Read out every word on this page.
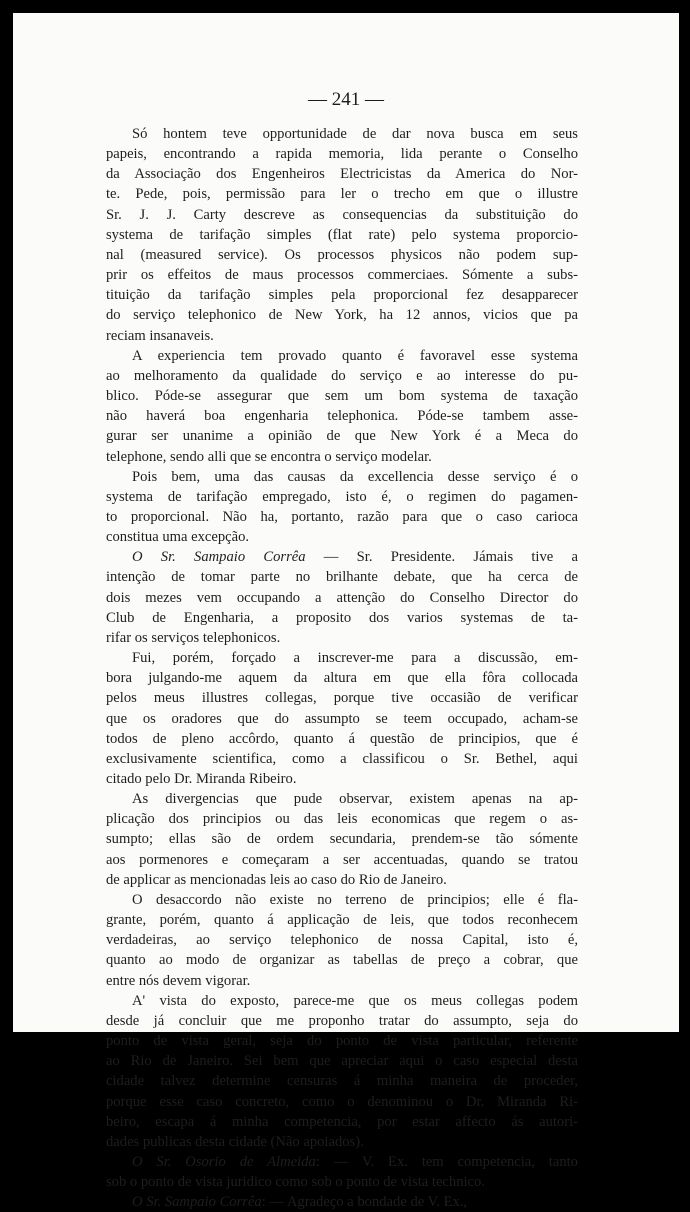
— 241 —
Só hontem teve opportunidade de dar nova busca em seus
papeis, encontrando a rapida memoria, lida perante o Conselho
da Associação dos Engenheiros Electricistas da America do Nor-
te. Pede, pois, permissão para ler o trecho em que o illustre
Sr. J. J. Carty descreve as consequencias da substituição do
systema de tarifação simples (flat rate) pelo systema proporcio-
nal (measured service). Os processos physicos não podem sup-
prir os effeitos de maus processos commerciaes. Sómente a subs-
tituição da tarifação simples pela proporcional fez desapparecer
do serviço telephonico de New York, ha 12 annos, vicios que pa
reciam insanaveis.
A experiencia tem provado quanto é favoravel esse systema
ao melhoramento da qualidade do serviço e ao interesse do pu-
blico. Póde-se assegurar que sem um bom systema de taxação
não haverá boa engenharia telephonica. Póde-se tambem asse-
gurar ser unanime a opinião de que New York é a Meca do
telephone, sendo alli que se encontra o serviço modelar.
Pois bem, uma das causas da excellencia desse serviço é o
systema de tarifação empregado, isto é, o regimen do pagamen-
to proporcional. Não ha, portanto, razão para que o caso carioca
constitua uma excepção.
O Sr. Sampaio Corrêa — Sr. Presidente. Jámais tive a
intenção de tomar parte no brilhante debate, que ha cerca de
dois mezes vem occupando a attenção do Conselho Director do
Club de Engenharia, a proposito dos varios systemas de ta-
rifar os serviços telephonicos.
Fui, porém, forçado a inscrever-me para a discussão, em-
bora julgando-me aquem da altura em que ella fôra collocada
pelos meus illustres collegas, porque tive occasião de verificar
que os oradores que do assumpto se teem occupado, acham-se
todos de pleno accôrdo, quanto á questão de principios, que é
exclusivamente scientifica, como a classificou o Sr. Bethel, aqui
citado pelo Dr. Miranda Ribeiro.
As divergencias que pude observar, existem apenas na ap-
plicação dos principios ou das leis economicas que regem o as-
sumpto; ellas são de ordem secundaria, prendem-se tão sómente
aos pormenores e começaram a ser accentuadas, quando se tratou
de applicar as mencionadas leis ao caso do Rio de Janeiro.
O desaccordo não existe no terreno de principios; elle é fla-
grante, porém, quanto á applicação de leis, que todos reconhecem
verdadeiras, ao serviço telephonico de nossa Capital, isto é,
quanto ao modo de organizar as tabellas de preço a cobrar, que
entre nós devem vigorar.
A' vista do exposto, parece-me que os meus collegas podem
desde já concluir que me proponho tratar do assumpto, seja do
ponto de vista geral, seja do ponto de vista particular, referente
ao Rio de Janeiro. Sei bem que apreciar aqui o caso especial desta
cidade talvez determine censuras á minha maneira de proceder,
porque esse caso concreto, como o denominou o Dr. Miranda Ri-
beiro, escapa á minha competencia, por estar affecto ás autori-
dades publicas desta cidade (Não apoiados).
O Sr. Osorio de Almeida: — V. Ex. tem competencia, tanto
sob o ponto de vista juridico como sob o ponto de vista technico.
O Sr. Sampaio Corrêa: — Agradeço a bondade de V. Ex.,
